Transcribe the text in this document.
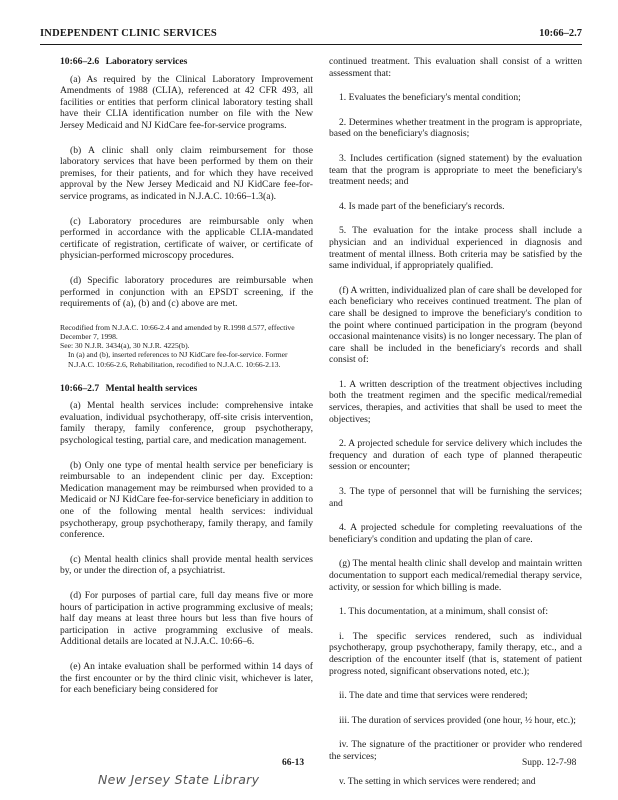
INDEPENDENT CLINIC SERVICES	10:66–2.7
10:66–2.6 Laboratory services
(a) As required by the Clinical Laboratory Improvement Amendments of 1988 (CLIA), referenced at 42 CFR 493, all facilities or entities that perform clinical laboratory testing shall have their CLIA identification number on file with the New Jersey Medicaid and NJ KidCare fee-for-service programs.
(b) A clinic shall only claim reimbursement for those laboratory services that have been performed by them on their premises, for their patients, and for which they have received approval by the New Jersey Medicaid and NJ KidCare fee-for-service programs, as indicated in N.J.A.C. 10:66–1.3(a).
(c) Laboratory procedures are reimbursable only when performed in accordance with the applicable CLIA-mandated certificate of registration, certificate of waiver, or certificate of physician-performed microscopy procedures.
(d) Specific laboratory procedures are reimbursable when performed in conjunction with an EPSDT screening, if the requirements of (a), (b) and (c) above are met.
Recodified from N.J.A.C. 10:66-2.4 and amended by R.1998 d.577, effective December 7, 1998.
See: 30 N.J.R. 3434(a), 30 N.J.R. 4225(b).
In (a) and (b), inserted references to NJ KidCare fee-for-service. Former N.J.A.C. 10:66-2.6, Rehabilitation, recodified to N.J.A.C. 10:66-2.13.
10:66–2.7 Mental health services
(a) Mental health services include: comprehensive intake evaluation, individual psychotherapy, off-site crisis intervention, family therapy, family conference, group psychotherapy, psychological testing, partial care, and medication management.
(b) Only one type of mental health service per beneficiary is reimbursable to an independent clinic per day. Exception: Medication management may be reimbursed when provided to a Medicaid or NJ KidCare fee-for-service beneficiary in addition to one of the following mental health services: individual psychotherapy, group psychotherapy, family therapy, and family conference.
(c) Mental health clinics shall provide mental health services by, or under the direction of, a psychiatrist.
(d) For purposes of partial care, full day means five or more hours of participation in active programming exclusive of meals; half day means at least three hours but less than five hours of participation in active programming exclusive of meals. Additional details are located at N.J.A.C. 10:66–6.
(e) An intake evaluation shall be performed within 14 days of the first encounter or by the third clinic visit, whichever is later, for each beneficiary being considered for
continued treatment. This evaluation shall consist of a written assessment that:
1. Evaluates the beneficiary's mental condition;
2. Determines whether treatment in the program is appropriate, based on the beneficiary's diagnosis;
3. Includes certification (signed statement) by the evaluation team that the program is appropriate to meet the beneficiary's treatment needs; and
4. Is made part of the beneficiary's records.
5. The evaluation for the intake process shall include a physician and an individual experienced in diagnosis and treatment of mental illness. Both criteria may be satisfied by the same individual, if appropriately qualified.
(f) A written, individualized plan of care shall be developed for each beneficiary who receives continued treatment. The plan of care shall be designed to improve the beneficiary's condition to the point where continued participation in the program (beyond occasional maintenance visits) is no longer necessary. The plan of care shall be included in the beneficiary's records and shall consist of:
1. A written description of the treatment objectives including both the treatment regimen and the specific medical/remedial services, therapies, and activities that shall be used to meet the objectives;
2. A projected schedule for service delivery which includes the frequency and duration of each type of planned therapeutic session or encounter;
3. The type of personnel that will be furnishing the services; and
4. A projected schedule for completing reevaluations of the beneficiary's condition and updating the plan of care.
(g) The mental health clinic shall develop and maintain written documentation to support each medical/remedial therapy service, activity, or session for which billing is made.
1. This documentation, at a minimum, shall consist of:
i. The specific services rendered, such as individual psychotherapy, group psychotherapy, family therapy, etc., and a description of the encounter itself (that is, statement of patient progress noted, significant observations noted, etc.);
ii. The date and time that services were rendered;
iii. The duration of services provided (one hour, ½ hour, etc.);
iv. The signature of the practitioner or provider who rendered the services;
v. The setting in which services were rendered; and
66-13	Supp. 12-7-98
New Jersey State Library
